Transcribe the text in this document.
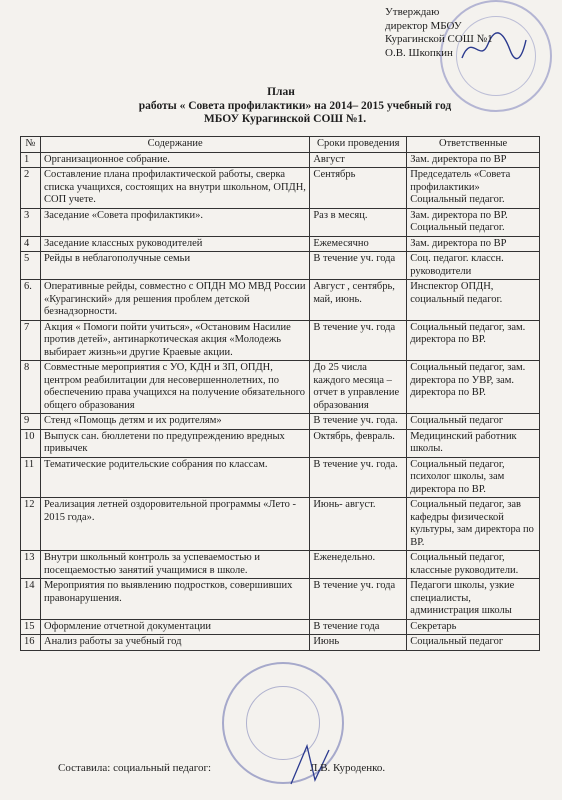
Утверждаю
директор МБОУ
Курагинской СОШ №1
О.В. Шкопкин
План
работы « Совета профилактики» на 2014– 2015 учебный год
МБОУ Курагинской СОШ №1.
№	Содержание	Сроки проведения	Ответственные
1	Организационное собрание.	Август	Зам. директора по ВР
2	Составление плана профилактической работы, сверка списка учащихся, состоящих на внутри школьном, ОПДН, СОП учете.	Сентябрь	Председатель «Совета профилактики» Социальный педагог.
3	Заседание «Совета профилактики».	Раз в месяц.	Зам. директора по ВР. Социальный педагог.
4	Заседание классных руководителей	Ежемесячно	Зам. директора по ВР
5	Рейды в неблагополучные семьи	В течение уч. года	Соц. педагог. классн. руководители
6.	Оперативные рейды, совместно с ОПДН МО МВД России «Курагинский» для решения проблем детской безнадзорности.	Август , сентябрь, май, июнь.	Инспектор ОПДН, социальный педагог.
7	Акция « Помоги пойти учиться», «Остановим Насилие против детей», антинаркотическая акция «Молодежь выбирает жизнь»и другие Краевые акции.	В течение уч. года	Социальный педагог, зам. директора по ВР.
8	Совместные мероприятия с УО, КДН и ЗП, ОПДН, центром реабилитации для несовершеннолетних, по обеспечению права учащихся на получение обязательного общего образования	До 25 числа каждого месяца – отчет в управление образования	Социальный педагог, зам. директора по УВР, зам. директора по ВР.
9	Стенд «Помощь детям и их родителям»	В течение уч. года.	Социальный педагог
10	Выпуск сан. бюллетени по предупреждению вредных привычек	Октябрь, февраль.	Медицинский работник школы.
11	Тематические родительские собрания по классам.	В течение уч. года.	Социальный педагог, психолог школы, зам директора по ВР.
12	Реализация летней оздоровительной программы «Лето - 2015 года».	Июнь- август.	Социальный педагог, зав кафедры физической культуры, зам директора по ВР.
13	Внутри школьный контроль за успеваемостью и посещаемостью занятий учащимися в школе.	Еженедельно.	Социальный педагог, классные руководители.
14	Мероприятия по выявлению подростков, совершивших правонарушения.	В течение уч. года	Педагоги школы, узкие специалисты, администрация школы
15	Оформление отчетной документации	В течение года	Секретарь
16	Анализ работы за учебный год	Июнь	Социальный педагог
Составила: социальный педагог:	Л.В. Куроденко.
